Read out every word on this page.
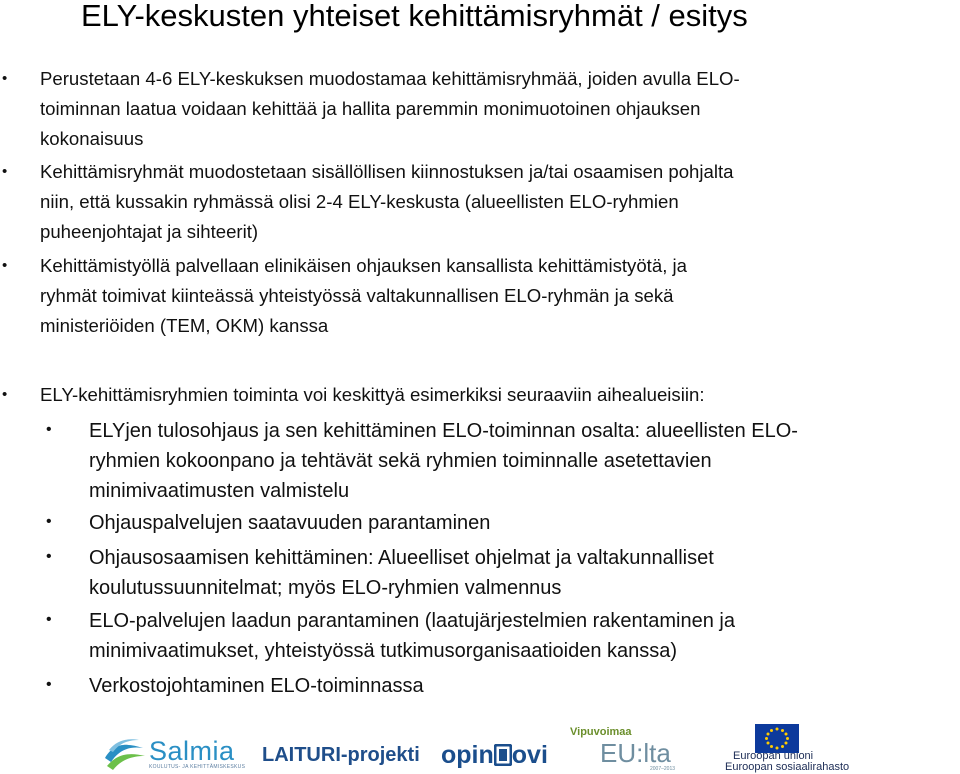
ELY-keskusten yhteiset kehittämisryhmät / esitys
• Perustetaan 4-6 ELY-keskuksen muodostamaa kehittämisryhmää, joiden avulla ELO-
toiminnan laatua voidaan kehittää ja hallita paremmin monimuotoinen ohjauksen
kokonaisuus
• Kehittämisryhmät muodostetaan sisällöllisen kiinnostuksen ja/tai osaamisen pohjalta
niin, että kussakin ryhmässä olisi 2-4 ELY-keskusta (alueellisten ELO-ryhmien
puheenjohtajat ja sihteerit)
• Kehittämistyöllä palvellaan elinikäisen ohjauksen kansallista kehittämistyötä, ja
ryhmät toimivat kiinteässä yhteistyössä valtakunnallisen ELO-ryhmän ja sekä
ministeriöiden (TEM, OKM) kanssa
• ELY-kehittämisryhmien toiminta voi keskittyä esimerkiksi seuraaviin aihealueisiin:
• ELYjen tulosohjaus ja sen kehittäminen ELO-toiminnan osalta: alueellisten ELO-
ryhmien kokoonpano ja tehtävät sekä ryhmien toiminnalle asetettavien
minimivaatimusten valmistelu
• Ohjauspalvelujen saatavuuden parantaminen
• Ohjausosaamisen kehittäminen: Alueelliset ohjelmat ja valtakunnalliset
koulutussuunnitelmat; myös ELO-ryhmien valmennus
• ELO-palvelujen laadun parantaminen (laatujärjestelmien rakentaminen ja
minimivaatimukset, yhteistyössä tutkimusorganisaatioiden kanssa)
• Verkostojohtaminen ELO-toiminnassa
Salmia
KOULUTUS- JA KEHITTÄMISKESKUS
LAITURI-projekti opin ovi
Vipuvoimaa
EU:lta
2007–2013
Euroopan unioni
Euroopan sosiaalirahasto
